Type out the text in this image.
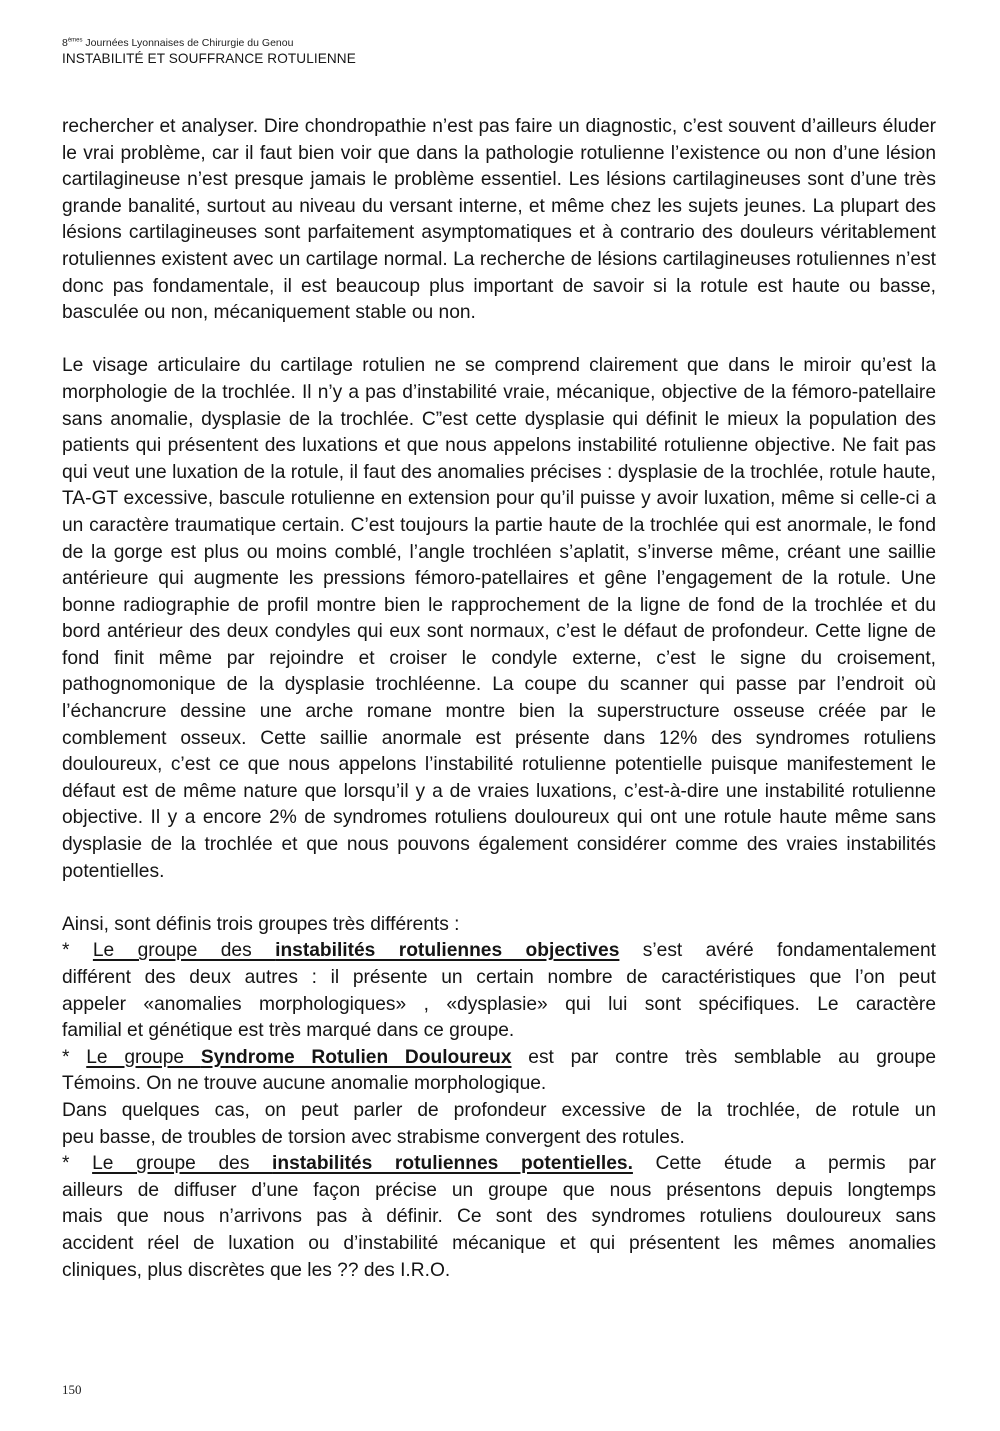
8èmes Journées Lyonnaises de Chirurgie du Genou
INSTABILITÉ ET SOUFFRANCE ROTULIENNE

rechercher et analyser. Dire chondropathie n’est pas faire un diagnostic, c’est souvent d’ailleurs éluder le vrai problème, car il faut bien voir que dans la pathologie rotulienne l’existence ou non d’une lésion cartilagineuse n’est presque jamais le problème essentiel. Les lésions cartilagineuses sont d’une très grande banalité, surtout au niveau du versant interne, et même chez les sujets jeunes. La plupart des lésions cartilagineuses sont parfaitement asymptomatiques et à contrario des douleurs véritablement rotuliennes existent avec un cartilage normal. La recherche de lésions cartilagineuses rotuliennes n’est donc pas fondamentale, il est beaucoup plus important de savoir si la rotule est haute ou basse, basculée ou non, mécaniquement stable ou non.

Le visage articulaire du cartilage rotulien ne se comprend clairement que dans le miroir qu’est la morphologie de la trochlée. Il n’y a pas d’instabilité vraie, mécanique, objective de la fémoro-patellaire sans anomalie, dysplasie de la trochlée. C”est cette dysplasie qui définit le mieux la population des patients qui présentent des luxations et que nous appelons instabilité rotulienne objective. Ne fait pas qui veut une luxation de la rotule, il faut des anomalies précises : dysplasie de la trochlée, rotule haute, TA-GT excessive, bascule rotulienne en extension pour qu’il puisse y avoir luxation, même si celle-ci a un caractère traumatique certain. C’est toujours la partie haute de la trochlée qui est anormale, le fond de la gorge est plus ou moins comblé, l’angle trochléen s’aplatit, s’inverse même, créant une saillie antérieure qui augmente les pressions fémoro-patellaires et gêne l’engagement de la rotule. Une bonne radiographie de profil montre bien le rapprochement de la ligne de fond de la trochlée et du bord antérieur des deux condyles qui eux sont normaux, c’est le défaut de profondeur. Cette ligne de fond finit même par rejoindre et croiser le condyle externe, c’est le signe du croisement, pathognomonique de la dysplasie trochléenne. La coupe du scanner qui passe par l’endroit où l’échancrure dessine une arche romane montre bien la superstructure osseuse créée par le comblement osseux. Cette saillie anormale est présente dans 12% des syndromes rotuliens douloureux, c’est ce que nous appelons l’instabilité rotulienne potentielle puisque manifestement le défaut est de même nature que lorsqu’il y a de vraies luxations, c’est-à-dire une instabilité rotulienne objective. Il y a encore 2% de syndromes rotuliens douloureux qui ont une rotule haute même sans dysplasie de la trochlée et que nous pouvons également considérer comme des vraies instabilités potentielles.

Ainsi, sont définis trois groupes très différents :

* Le groupe des instabilités rotuliennes objectives s’est avéré fondamentalement

différent des deux autres : il présente un certain nombre de caractéristiques que l’on peut

appeler «anomalies morphologiques» , «dysplasie» qui lui sont spécifiques. Le caractère

familial et génétique est très marqué dans ce groupe.

* Le groupe Syndrome Rotulien Douloureux est par contre très semblable au groupe

Témoins. On ne trouve aucune anomalie morphologique.

Dans quelques cas, on peut parler de profondeur excessive de la trochlée, de rotule un

peu basse, de troubles de torsion avec strabisme convergent des rotules.

* Le groupe des instabilités rotuliennes potentielles. Cette étude a permis par

ailleurs de diffuser d’une façon précise un groupe que nous présentons depuis longtemps

mais que nous n’arrivons pas à définir. Ce sont des syndromes rotuliens douloureux sans

accident réel de luxation ou d’instabilité mécanique et qui présentent les mêmes anomalies

cliniques, plus discrètes que les ?? des I.R.O.

150
